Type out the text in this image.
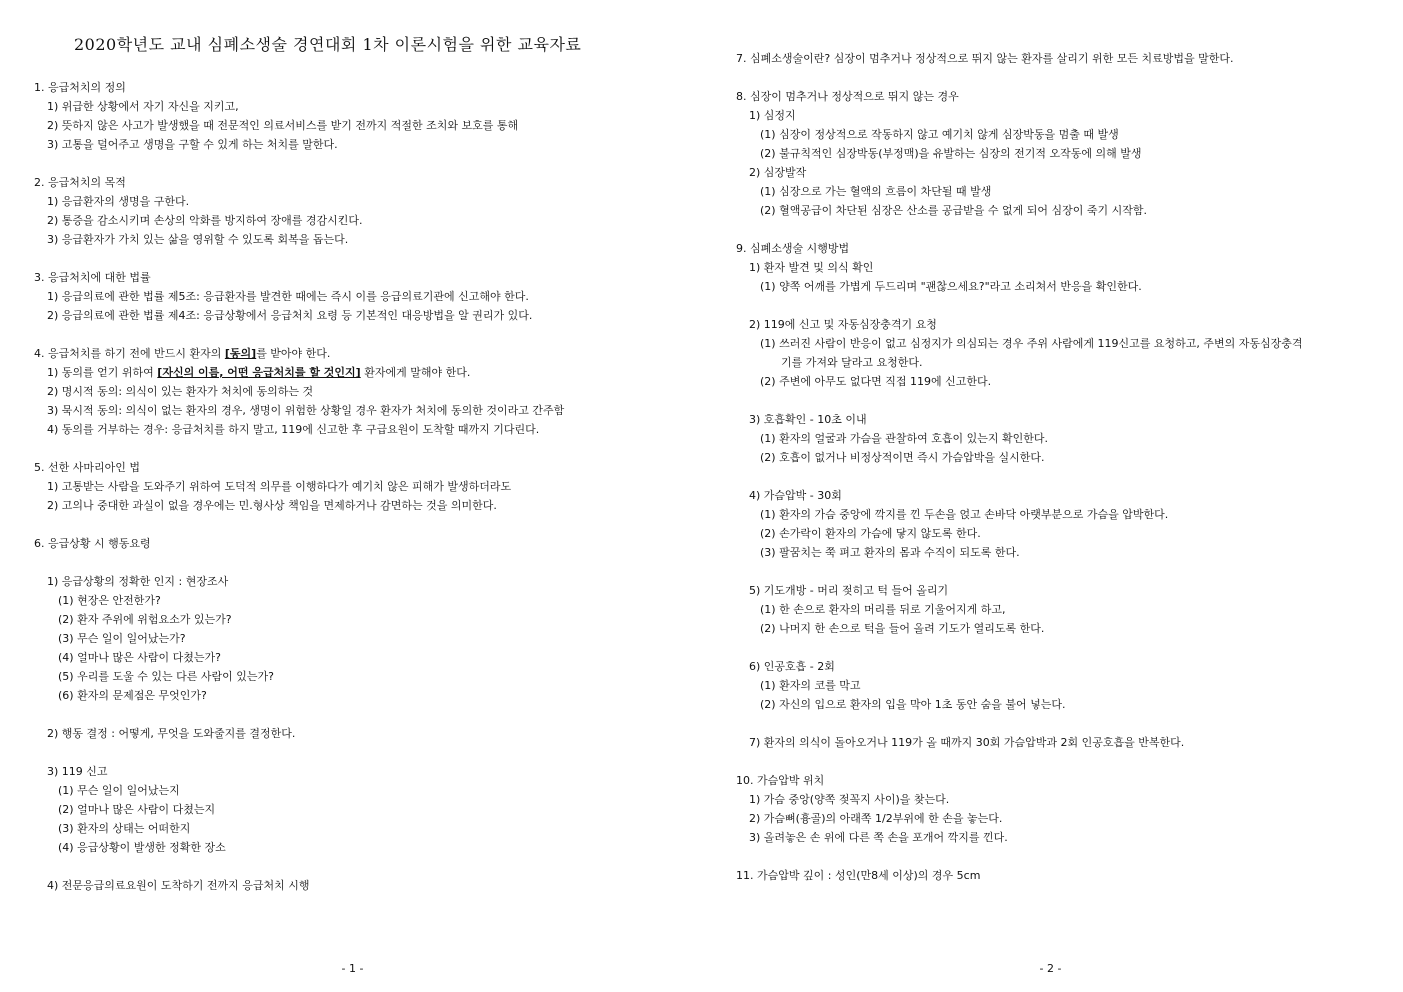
2020학년도 교내 심폐소생술 경연대회 1차 이론시험을 위한 교육자료
1. 응급처치의 정의
1) 위급한 상황에서 자기 자신을 지키고,
2) 뜻하지 않은 사고가 발생했을 때 전문적인 의료서비스를 받기 전까지 적절한 조치와 보호를 통해
3) 고통을 덜어주고 생명을 구할 수 있게 하는 처치를 말한다.
2. 응급처치의 목적
1) 응급환자의 생명을 구한다.
2) 통증을 감소시키며 손상의 악화를 방지하여 장애를 경감시킨다.
3) 응급환자가 가치 있는 삶을 영위할 수 있도록 회복을 돕는다.
3. 응급처치에 대한 법률
1) 응급의료에 관한 법률 제5조: 응급환자를 발견한 때에는 즉시 이를 응급의료기관에 신고해야 한다.
2) 응급의료에 관한 법률 제4조: 응급상황에서 응급처치 요령 등 기본적인 대응방법을 알 권리가 있다.
4. 응급처치를 하기 전에 반드시 환자의 [동의]를 받아야 한다.
1) 동의를 얻기 위하여 [자신의 이름, 어떤 응급처치를 할 것인지] 환자에게 말해야 한다.
2) 명시적 동의: 의식이 있는 환자가 처치에 동의하는 것
3) 묵시적 동의: 의식이 없는 환자의 경우, 생명이 위험한 상황일 경우 환자가 처치에 동의한 것이라고 간주함
4) 동의를 거부하는 경우: 응급처치를 하지 말고, 119에 신고한 후 구급요원이 도착할 때까지 기다린다.
5. 선한 사마리아인 법
1) 고통받는 사람을 도와주기 위하여 도덕적 의무를 이행하다가 예기치 않은 피해가 발생하더라도
2) 고의나 중대한 과실이 없을 경우에는 민.형사상 책임을 면제하거나 감면하는 것을 의미한다.
6. 응급상황 시 행동요령
1) 응급상황의 정확한 인지 : 현장조사
(1) 현장은 안전한가?
(2) 환자 주위에 위험요소가 있는가?
(3) 무슨 일이 일어났는가?
(4) 얼마나 많은 사람이 다쳤는가?
(5) 우리를 도울 수 있는 다른 사람이 있는가?
(6) 환자의 문제점은 무엇인가?
2) 행동 결정 : 어떻게, 무엇을 도와줄지를 결정한다.
3) 119 신고
(1) 무슨 일이 일어났는지
(2) 얼마나 많은 사람이 다쳤는지
(3) 환자의 상태는 어떠한지
(4) 응급상황이 발생한 정확한 장소
4) 전문응급의료요원이 도착하기 전까지 응급처치 시행
- 1 -
7. 심폐소생술이란? 심장이 멈추거나 정상적으로 뛰지 않는 환자를 살리기 위한 모든 치료방법을 말한다.
8. 심장이 멈추거나 정상적으로 뛰지 않는 경우
1) 심정지
(1) 심장이 정상적으로 작동하지 않고 예기치 않게 심장박동을 멈출 때 발생
(2) 불규칙적인 심장박동(부정맥)을 유발하는 심장의 전기적 오작동에 의해 발생
2) 심장발작
(1) 심장으로 가는 혈액의 흐름이 차단될 때 발생
(2) 혈액공급이 차단된 심장은 산소를 공급받을 수 없게 되어 심장이 죽기 시작함.
9. 심폐소생술 시행방법
1) 환자 발견 및 의식 확인
(1) 양쪽 어깨를 가볍게 두드리며 "괜찮으세요?"라고 소리쳐서 반응을 확인한다.
2) 119에 신고 및 자동심장충격기 요청
(1) 쓰러진 사람이 반응이 없고 심정지가 의심되는 경우 주위 사람에게 119신고를 요청하고, 주변의 자동심장충격
기를 가져와 달라고 요청한다.
(2) 주변에 아무도 없다면 직접 119에 신고한다.
3) 호흡확인 - 10초 이내
(1) 환자의 얼굴과 가슴을 관찰하여 호흡이 있는지 확인한다.
(2) 호흡이 없거나 비정상적이면 즉시 가슴압박을 실시한다.
4) 가슴압박 - 30회
(1) 환자의 가슴 중앙에 깍지를 낀 두손을 얹고 손바닥 아랫부분으로 가슴을 압박한다.
(2) 손가락이 환자의 가슴에 닿지 않도록 한다.
(3) 팔꿈치는 쭉 펴고 환자의 몸과 수직이 되도록 한다.
5) 기도개방 - 머리 젖히고 턱 들어 올리기
(1) 한 손으로 환자의 머리를 뒤로 기울어지게 하고,
(2) 나머지 한 손으로 턱을 들어 올려 기도가 열리도록 한다.
6) 인공호흡 - 2회
(1) 환자의 코를 막고
(2) 자신의 입으로 환자의 입을 막아 1초 동안 숨을 불어 넣는다.
7) 환자의 의식이 돌아오거나 119가 올 때까지 30회 가슴압박과 2회 인공호흡을 반복한다.
10. 가슴압박 위치
1) 가슴 중앙(양쪽 젖꼭지 사이)을 찾는다.
2) 가슴뼈(흉골)의 아래쪽 1/2부위에 한 손을 놓는다.
3) 올려놓은 손 위에 다른 쪽 손을 포개어 깍지를 낀다.
11. 가슴압박 깊이 : 성인(만8세 이상)의 경우 5cm
- 2 -
